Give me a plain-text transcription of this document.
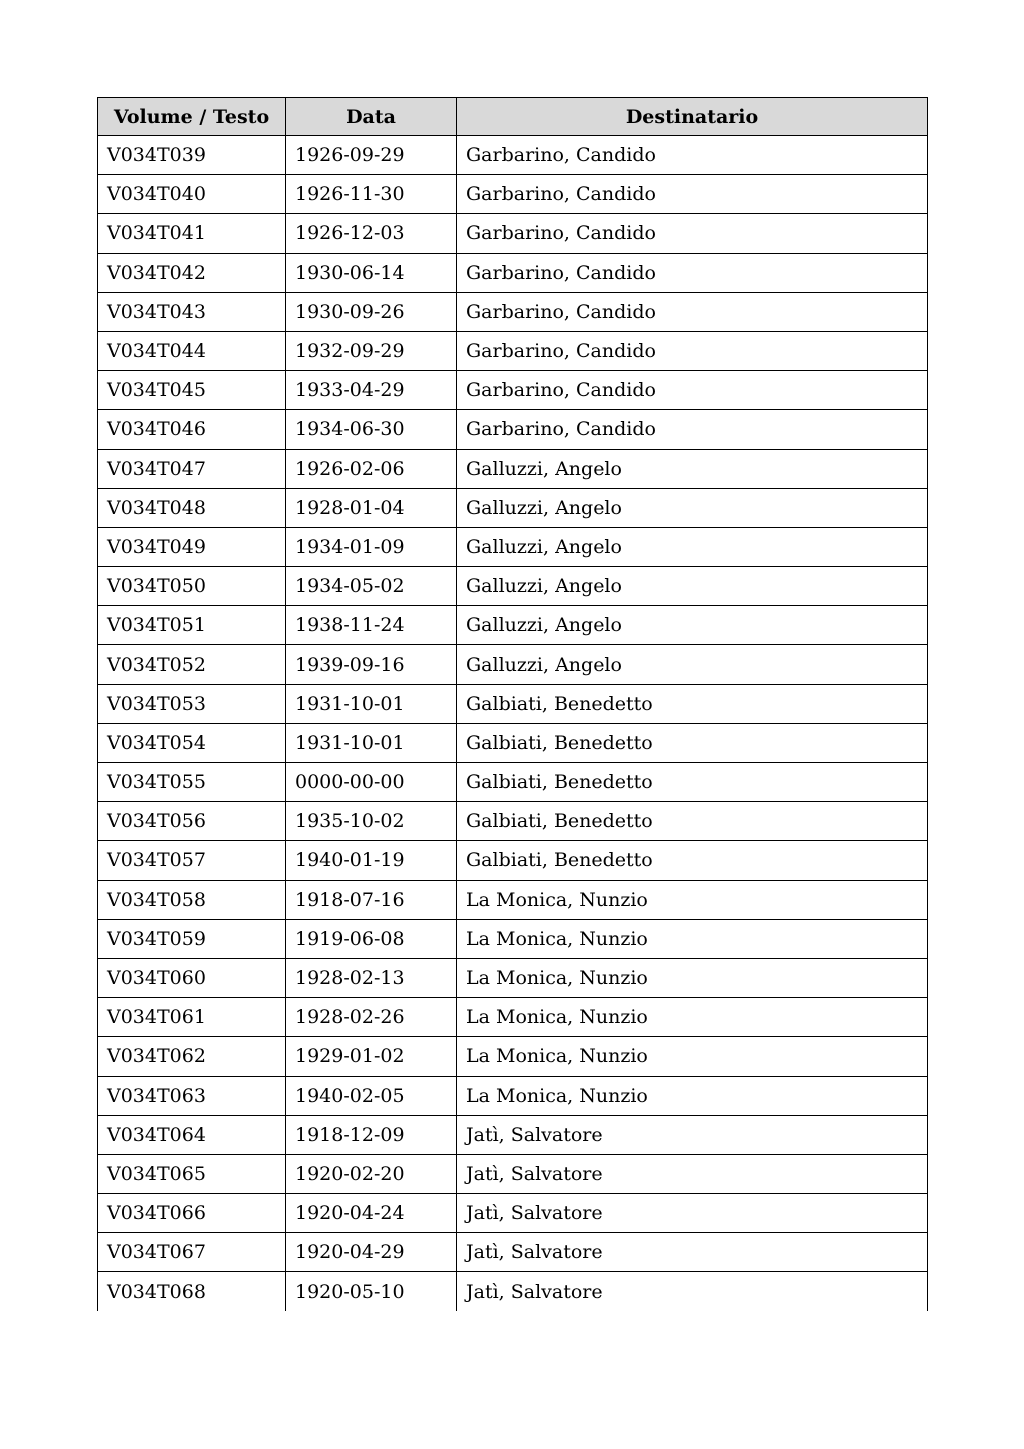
Volume / Testo	Data	Destinatario
V034T039	1926-09-29	Garbarino, Candido
V034T040	1926-11-30	Garbarino, Candido
V034T041	1926-12-03	Garbarino, Candido
V034T042	1930-06-14	Garbarino, Candido
V034T043	1930-09-26	Garbarino, Candido
V034T044	1932-09-29	Garbarino, Candido
V034T045	1933-04-29	Garbarino, Candido
V034T046	1934-06-30	Garbarino, Candido
V034T047	1926-02-06	Galluzzi, Angelo
V034T048	1928-01-04	Galluzzi, Angelo
V034T049	1934-01-09	Galluzzi, Angelo
V034T050	1934-05-02	Galluzzi, Angelo
V034T051	1938-11-24	Galluzzi, Angelo
V034T052	1939-09-16	Galluzzi, Angelo
V034T053	1931-10-01	Galbiati, Benedetto
V034T054	1931-10-01	Galbiati, Benedetto
V034T055	0000-00-00	Galbiati, Benedetto
V034T056	1935-10-02	Galbiati, Benedetto
V034T057	1940-01-19	Galbiati, Benedetto
V034T058	1918-07-16	La Monica, Nunzio
V034T059	1919-06-08	La Monica, Nunzio
V034T060	1928-02-13	La Monica, Nunzio
V034T061	1928-02-26	La Monica, Nunzio
V034T062	1929-01-02	La Monica, Nunzio
V034T063	1940-02-05	La Monica, Nunzio
V034T064	1918-12-09	Jatì, Salvatore
V034T065	1920-02-20	Jatì, Salvatore
V034T066	1920-04-24	Jatì, Salvatore
V034T067	1920-04-29	Jatì, Salvatore
V034T068	1920-05-10	Jatì, Salvatore
